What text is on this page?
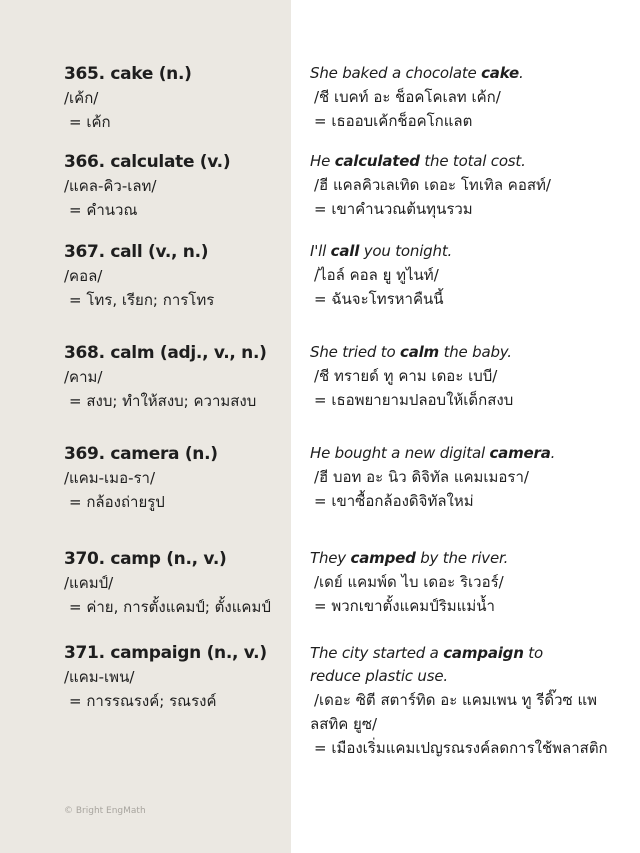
365. cake (n.)
/เค้ก/
= เค้ก
She baked a chocolate cake.
/ชี เบคท์ อะ ช็อคโคเลท เค้ก/
= เธออบเค้กช็อคโกแลต
366. calculate (v.)
/แคล-คิว-เลท/
= คำนวณ
He calculated the total cost.
/ฮี แคลคิวเลเทิด เดอะ โทเทิล คอสท์/
= เขาคำนวณต้นทุนรวม
367. call (v., n.)
/คอล/
= โทร, เรียก; การโทร
I'll call you tonight.
/ไอล์ คอล ยู ทูไนท์/
= ฉันจะโทรหาคืนนี้
368. calm (adj., v., n.)
/คาม/
= สงบ; ทำให้สงบ; ความสงบ
She tried to calm the baby.
/ชี ทรายด์ ทู คาม เดอะ เบบี/
= เธอพยายามปลอบให้เด็กสงบ
369. camera (n.)
/แคม-เมอ-รา/
= กล้องถ่ายรูป
He bought a new digital camera.
/ฮี บอท อะ นิว ดิจิทัล แคมเมอรา/
= เขาซื้อกล้องดิจิทัลใหม่
370. camp (n., v.)
/แคมป์/
= ค่าย, การตั้งแคมป์; ตั้งแคมป์
They camped by the river.
/เดย์ แคมพ์ด ไบ เดอะ ริเวอร์/
= พวกเขาตั้งแคมป์ริมแม่น้ำ
371. campaign (n., v.)
/แคม-เพน/
= การรณรงค์; รณรงค์
The city started a campaign to
reduce plastic use.
/เดอะ ซิตี สตาร์ทิด อะ แคมเพน ทู รีดิ๊วซ แพ
ลสทิค ยูซ/
= เมืองเริ่มแคมเปญรณรงค์ลดการใช้พลาสติก
© Bright EngMath
